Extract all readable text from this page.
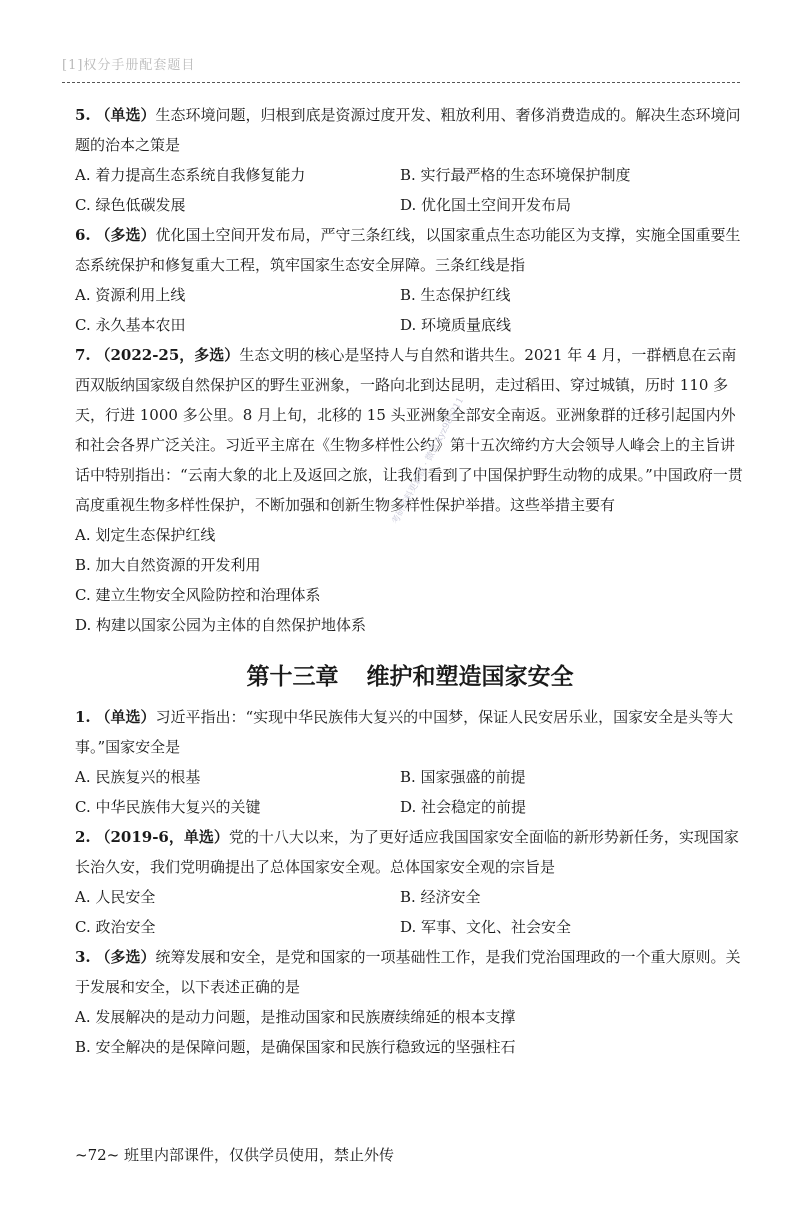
[1]权分手册配套题目
5. （单选）生态环境问题，归根到底是资源过度开发、粗放利用、奢侈消费造成的。解决生态环境问题的治本之策是
A. 着力提高生态系统自我修复能力	B. 实行最严格的生态环境保护制度
C. 绿色低碳发展	D. 优化国土空间开发布局
6. （多选）优化国土空间开发布局，严守三条红线，以国家重点生态功能区为支撑，实施全国重要生态系统保护和修复重大工程，筑牢国家生态安全屏障。三条红线是指
A. 资源利用上线	B. 生态保护红线
C. 永久基本农田	D. 环境质量底线
7. （2022-25，多选）生态文明的核心是坚持人与自然和谐共生。2021 年 4 月，一群栖息在云南西双版纳国家级自然保护区的野生亚洲象，一路向北到达昆明，走过稻田、穿过城镇，历时 110 多天，行进 1000 多公里。8 月上旬，北移的 15 头亚洲象全部安全南返。亚洲象群的迁移引起国内外和社会各界广泛关注。习近平主席在《生物多样性公约》第十五次缔约方大会领导人峰会上的主旨讲话中特别指出：“云南大象的北上及返回之旅，让我们看到了中国保护野生动物的成果。”中国政府一贯高度重视生物多样性保护，不断加强和创新生物多样性保护举措。这些举措主要有
A. 划定生态保护红线
B. 加大自然资源的开发利用
C. 建立生物安全风险防控和治理体系
D. 构建以国家公园为主体的自然保护地体系
第十三章 维护和塑造国家安全
1. （单选）习近平指出：“实现中华民族伟大复兴的中国梦，保证人民安居乐业，国家安全是头等大事。”国家安全是
A. 民族复兴的根基	B. 国家强盛的前提
C. 中华民族伟大复兴的关键	D. 社会稳定的前提
2. （2019-6，单选）党的十八大以来，为了更好适应我国国家安全面临的新形势新任务，实现国家长治久安，我们党明确提出了总体国家安全观。总体国家安全观的宗旨是
A. 人民安全	B. 经济安全
C. 政治安全	D. 军事、文化、社会安全
3. （多选）统筹发展和安全，是党和国家的一项基础性工作，是我们党治国理政的一个重大原则。关于发展和安全，以下表述正确的是
A. 发展解决的是动力问题，是推动国家和民族赓续绵延的根本支撑
B. 安全解决的是保障问题，是确保国家和民族行稳致远的坚强柱石
考研资料更新群 · 微信 kyz985211
~72~ 班里内部课件，仅供学员使用，禁止外传
